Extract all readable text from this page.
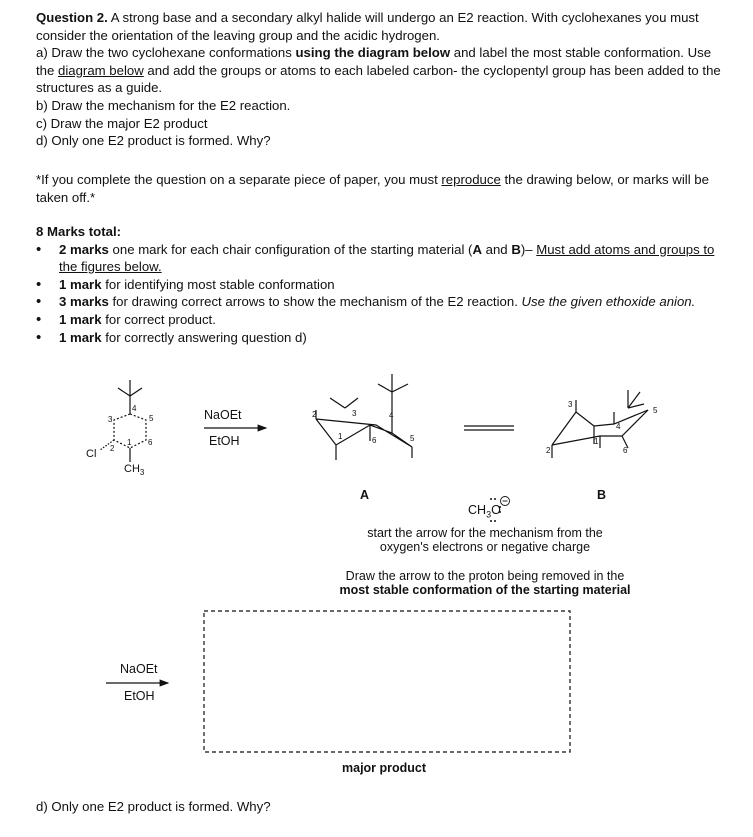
Question 2. A strong base and a secondary alkyl halide will undergo an E2 reaction. With cyclohexanes you must consider the orientation of the leaving group and the acidic hydrogen.

a) Draw the two cyclohexane conformations using the diagram below and label the most stable conformation. Use the diagram below and add the groups or atoms to each labeled carbon- the cyclopentyl group has been added to the structures as a guide.

b) Draw the mechanism for the E2 reaction.

c) Draw the major E2 product

d) Only one E2 product is formed. Why?

*If you complete the question on a separate piece of paper, you must reproduce the drawing below, or marks will be taken off.*
8 Marks total:
• 2 marks one mark for each chair configuration of the starting material (A and B)– Must add atoms and groups to the figures below.
• 1 mark for identifying most stable conformation
• 3 marks for drawing correct arrows to show the mechanism of the E2 reaction. Use the given ethoxide anion.
• 1 mark for correct product.
• 1 mark for correctly answering question d)
4
5
3
6
1
2
Cl
$CH_3$
NaOEt
EtOH
2	3	4
1	6	5
3
5
4
1
2	6
A	B
$CH_3O$
start the arrow for the mechanism from the
oxygen's electrons or negative charge
Draw the arrow to the proton being removed in the
most stable conformation of the starting material
NaOEt
EtOH
major product
d) Only one E2 product is formed. Why?
